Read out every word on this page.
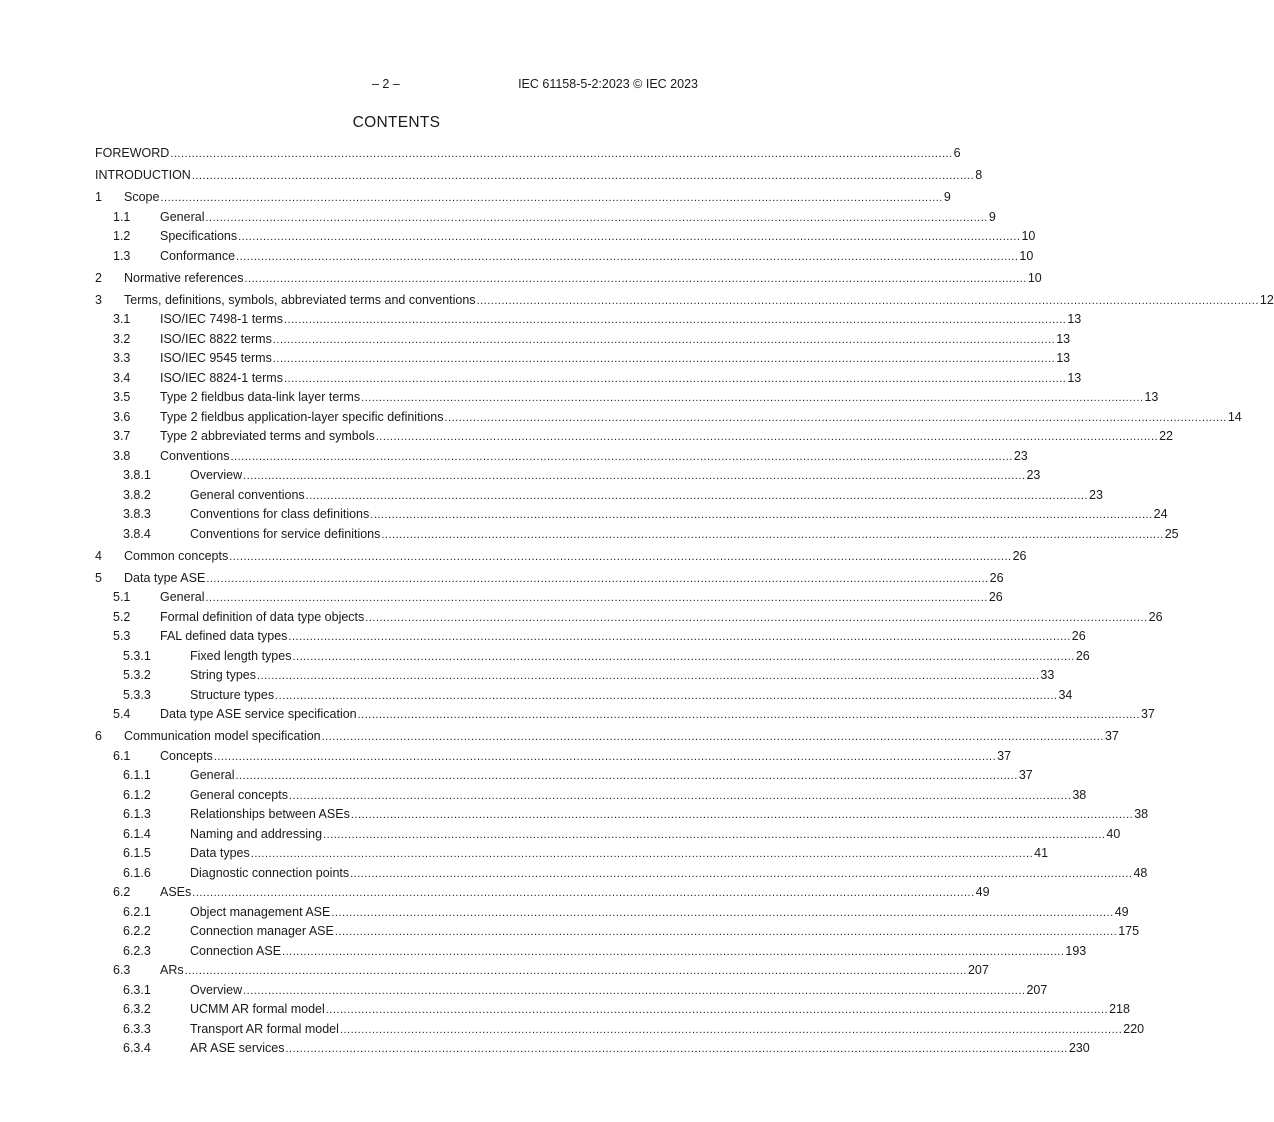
– 2 –	IEC 61158-5-2:2023 © IEC 2023
CONTENTS
FOREWORD ............................................................................................................................................................................................................................ 6
INTRODUCTION ............................................................................................................................................................................................................................ 8
1 Scope ............................................................................................................................................................................................................................ 9
1.1 General ............................................................................................................................................................................................................................ 9
1.2 Specifications ............................................................................................................................................................................................................................ 10
1.3 Conformance ............................................................................................................................................................................................................................ 10
2 Normative references ............................................................................................................................................................................................................................ 10
3 Terms, definitions, symbols, abbreviated terms and conventions ............................................................................................................................................................................................................................ 12
3.1 ISO/IEC 7498-1 terms ............................................................................................................................................................................................................................ 13
3.2 ISO/IEC 8822 terms ............................................................................................................................................................................................................................ 13
3.3 ISO/IEC 9545 terms ............................................................................................................................................................................................................................ 13
3.4 ISO/IEC 8824-1 terms ............................................................................................................................................................................................................................ 13
3.5 Type 2 fieldbus data-link layer terms ............................................................................................................................................................................................................................ 13
3.6 Type 2 fieldbus application-layer specific definitions ............................................................................................................................................................................................................................ 14
3.7 Type 2 abbreviated terms and symbols ............................................................................................................................................................................................................................ 22
3.8 Conventions ............................................................................................................................................................................................................................ 23
3.8.1	Overview ............................................................................................................................................................................................................................ 23
3.8.2	General conventions ............................................................................................................................................................................................................................ 23
3.8.3	Conventions for class definitions ............................................................................................................................................................................................................................ 24
3.8.4	Conventions for service definitions ............................................................................................................................................................................................................................ 25
4 Common concepts ............................................................................................................................................................................................................................ 26
5 Data type ASE ............................................................................................................................................................................................................................ 26
5.1 General ............................................................................................................................................................................................................................ 26
5.2 Formal definition of data type objects ............................................................................................................................................................................................................................ 26
5.3 FAL defined data types ............................................................................................................................................................................................................................ 26
5.3.1	Fixed length types ............................................................................................................................................................................................................................ 26
5.3.2	String types ............................................................................................................................................................................................................................ 33
5.3.3	Structure types ............................................................................................................................................................................................................................ 34
5.4 Data type ASE service specification ............................................................................................................................................................................................................................ 37
6 Communication model specification ............................................................................................................................................................................................................................ 37
6.1 Concepts ............................................................................................................................................................................................................................ 37
6.1.1	General ............................................................................................................................................................................................................................ 37
6.1.2	General concepts ............................................................................................................................................................................................................................ 38
6.1.3	Relationships between ASEs ............................................................................................................................................................................................................................ 38
6.1.4	Naming and addressing ............................................................................................................................................................................................................................ 40
6.1.5	Data types ............................................................................................................................................................................................................................ 41
6.1.6	Diagnostic connection points ............................................................................................................................................................................................................................ 48
6.2 ASEs ............................................................................................................................................................................................................................ 49
6.2.1	Object management ASE ............................................................................................................................................................................................................................ 49
6.2.2	Connection manager ASE ............................................................................................................................................................................................................................ 175
6.2.3	Connection ASE ............................................................................................................................................................................................................................ 193
6.3 ARs ............................................................................................................................................................................................................................ 207
6.3.1	Overview ............................................................................................................................................................................................................................ 207
6.3.2	UCMM AR formal model ............................................................................................................................................................................................................................ 218
6.3.3	Transport AR formal model ............................................................................................................................................................................................................................ 220
6.3.4	AR ASE services ............................................................................................................................................................................................................................ 230
